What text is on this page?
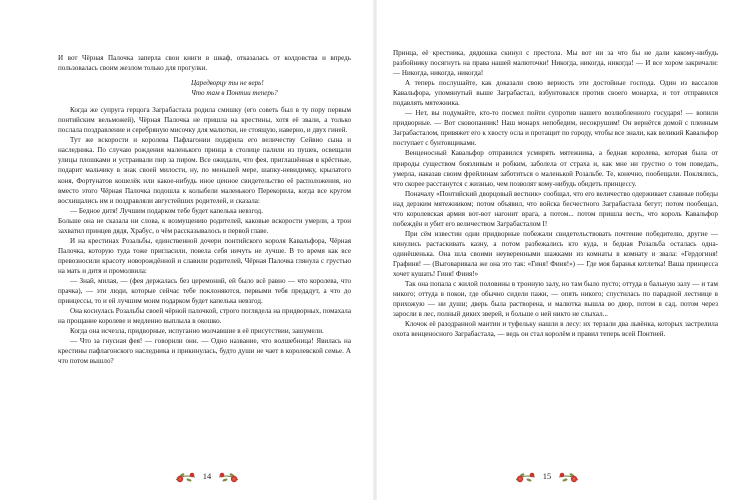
И вот Чёрная Палочка заперла свои книги в шкаф, отказалась от колдовства и впредь пользовалась своим жезлом только для прогулки.

Царедворцу ты не верь!
Что там в Понтии теперь?

Когда же супруга герцога Заграбастала родила смишку (его советь был в ту пору первым понтийским вельможей), Чёрная Палочка не пришла на крестины, хотя её звали, а только послала поздравление и серебряную мисочку для малютки, не стоящую, наверно, и двух гиней.

Тут же вскорости и королева Пафлагонии подарила его величеству Сейвио сына и наследника. По случаю рождения маленького принца в столице палили из пушек, освещали улицы плошками и устраивали пир за пиром. Все ожидали, что фея, приглашённая в крёстные, подарит мальчику в знак своей милости, ну, по меньшей мере, шапку-невидимку, крылатого коня, Фортунатов кошелёк или какое-нибудь иное ценное свидетельство её расположения, но вместо этого Чёрная Палочка подошла к колыбели маленького Перекорила, когда все кругом восхищались им и поздравляли августейших родителей, и сказала:

— Бедное дитя! Лучшим подарком тебе будет капелька невзгод.

Больше она не сказала ни слова, к возмущению родителей, каковые вскорости умерли, а трон захватил принцев дядя, Храбус, о чём рассказывалось в первой главе.

И на крестинах Розальбы, единственной дочери понтийского короля Кавальфора, Чёрная Палочка, которую туда тоже пригласили, повела себя ничуть не лучше. В то время как все превозносили красоту новорождённой и славили родителей, Чёрная Палочка глянула с грустью на мать и дитя и промолвила:

— Знай, милая, — (фея держалась без церемоний, ей было всё равно — что королева, что прачка), — эти люди, которые сейчас тебе поклоняются, первыми тебя предадут, а что до принцессы, то и ей лучшим моим подарком будет капелька невзгод.

Она коснулась Розальбы своей чёрной палочкой, строго поглядела на придворных, помахала на прощание королеве и медленно выплыла в окошко.

Когда она исчезла, придворные, испуганно молчавшие в её присутствии, зашумели.

— Что за гнусная фея! — говорили они. — Одно название, что волшебница! Явилась на крестины пафлагонского наследника и прикинулась, будто души не чает в королевской семье. А что потом вышло?

14

Принца, её крестника, дядюшка скинул с престола. Мы вот ни за что бы не дали какому-нибудь разбойнику посягнуть на права нашей малюточки! Никогда, никогда, никогда! — И все хором закричали: — Никогда, никогда, никогда!

А теперь послушайте, как доказали свою верность эти достойные господа. Один из вассалов Кавальфора, упомянутый выше Заграбастал, взбунтовался против своего монарха, и тот отправился подавлять мятежника.

— Нет, вы подумайте, кто-то посмел пойти супротив нашего возлюбленного государя! — вопили придворные. — Вот сковопанник! Наш монарх непобедим, несокрушим! Он вернётся домой с пленным Заграбасталом, привяжет его к хвосту осла и протащит по городу, чтобы все знали, как великий Кавальфор поступает с бунтовщиками.

Венценосный Кавальфор отправился усмирять мятежника, а бедная королева, которая была от природы существом боязливым и робким, заболела от страха и, как мне ни грустно о том поведать, умерла, наказав своим фрейлинам заботиться о маленькой Розальбе. Те, конечно, пообещали. Поклялись, что скорее расстанутся с жизнью, чем позволят кому-нибудь обидеть принцессу.

Поначалу «Понтийский дворцовый вестник» сообщал, что его величество одерживает славные победы над дерзким мятежником; потом объявил, что войска бесчестного Заграбастала бегут; потом пообещал, что королевская армия вот-вот нагонит врага, а потом... потом пришла весть, что король Кавальфор побеждён и убит его величеством Заграбасталом I!

При сём известии одни придворные побежали свидетельствовать почтение победителю, другие — кинулись растаскивать казну, а потом разбежались кто куда, и бедная Розальба осталась одна-одинёшенька. Она шла своими неуверенными шажками из комнаты в комнату и звала: «Гердогиня! Графиня! — (Выговаривала же она это так: «Гиня! Фиия!») — Где моя баранья котлетка! Ваша принцесса хочет кушать! Гиня! Фиия!»

Так она попала с жилой половины в тронную залу, но там было пусто; оттуда в бальную залу — и там никого; оттуда в покои, где обычно сидели пажи, — опять никого; спустилась по парадной лестнице в прихожую — ни души; дверь была растворена, и малютка вышла во двор, потом в сад, потом через заросли в лес, полный диких зверей, и больше о ней никто не слыхал...

Клочок её разодранной мантии и туфельку нашли в лесу: их терзали два львёнка, которых застрелила охота венценосного Заграбастала, — ведь он стал королём и правил теперь всей Понтией.

15
